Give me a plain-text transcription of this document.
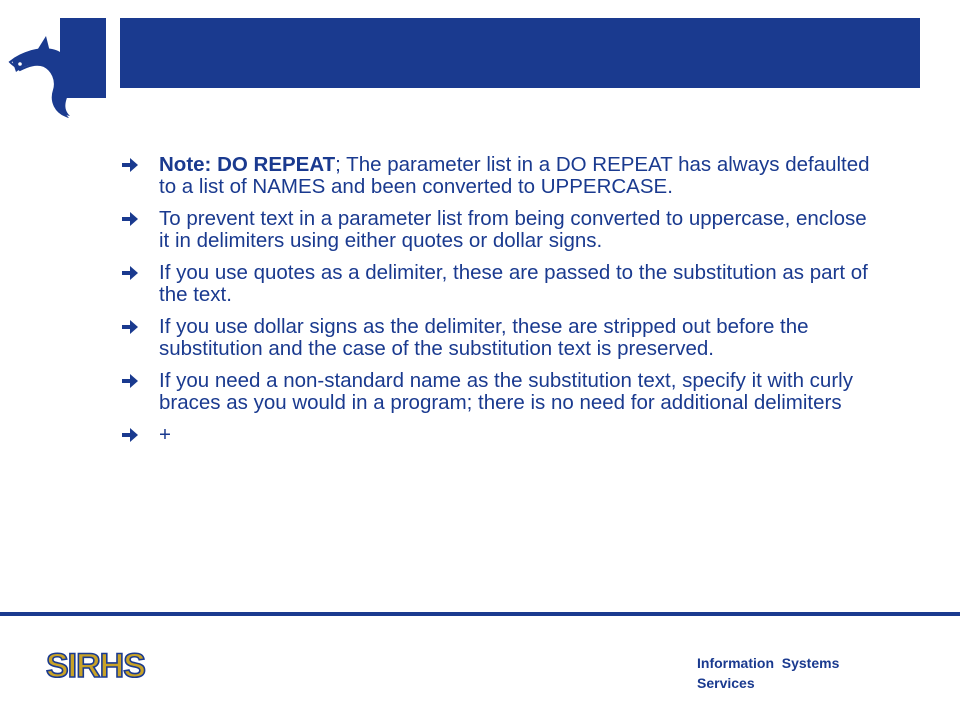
Note: DO REPEAT; The parameter list in a DO REPEAT has always defaulted to a list of NAMES and been converted to UPPERCASE.
To prevent text in a parameter list from being converted to uppercase, enclose it in delimiters using either quotes or dollar signs.
If you use quotes as a delimiter, these are passed to the substitution as part of the text.
If you use dollar signs as the delimiter, these are stripped out before the substitution and the case of the substitution text is preserved.
If you need a non-standard name as the substitution text, specify it with curly braces as you would in a program; there is no need for additional delimiters
+
SIRHS	Information  Systems
Services
